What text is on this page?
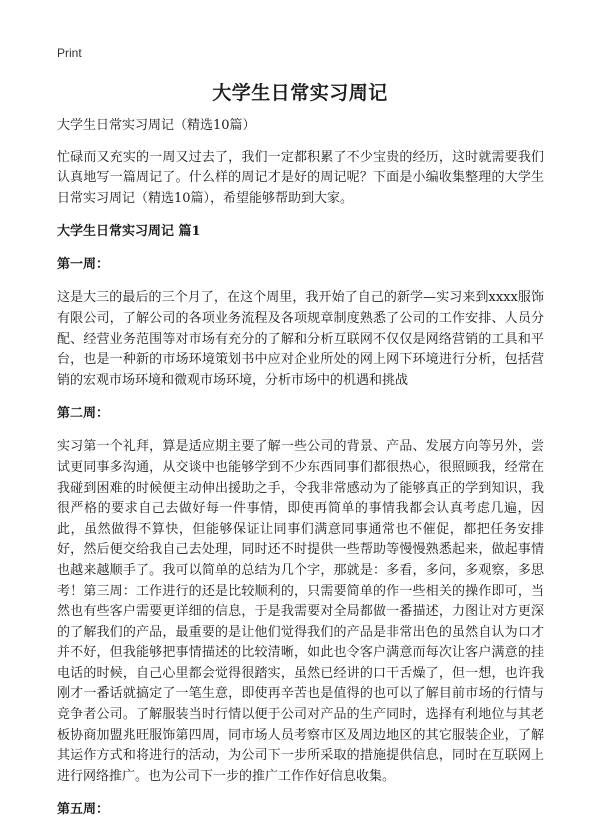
Print
大学生日常实习周记

大学生日常实习周记（精选10篇）

忙碌而又充实的一周又过去了，我们一定都积累了不少宝贵的经历，这时就需要我们认真地写一篇周记了。什么样的周记才是好的周记呢？下面是小编收集整理的大学生日常实习周记（精选10篇），希望能够帮助到大家。

大学生日常实习周记 篇1
第一周：

这是大三的最后的三个月了，在这个周里，我开始了自己的新学—实习来到xxxx服饰有限公司，了解公司的各项业务流程及各项规章制度熟悉了公司的工作安排、人员分配、经营业务范围等对市场有充分的了解和分析互联网不仅仅是网络营销的工具和平台，也是一种新的市场环境策划书中应对企业所处的网上网下环境进行分析，包括营销的宏观市场环境和微观市场环境，分析市场中的机遇和挑战

第二周：

实习第一个礼拜，算是适应期主要了解一些公司的背景、产品、发展方向等另外，尝试更同事多沟通，从交谈中也能够学到不少东西同事们都很热心，很照顾我，经常在我碰到困难的时候便主动伸出援助之手，令我非常感动为了能够真正的学到知识，我很严格的要求自己去做好每一件事情，即使再简单的事情我都会认真考虑几遍，因此，虽然做得不算快，但能够保证让同事们满意同事通常也不催促，都把任务安排好，然后便交给我自己去处理，同时还不时提供一些帮助等慢慢熟悉起来，做起事情也越来越顺手了。我可以简单的总结为几个字，那就是：多看，多问，多观察，多思考！第三周：工作进行的还是比较顺利的，只需要简单的作一些相关的操作即可，当然也有些客户需要更详细的信息，于是我需要对全局都做一番描述，力图让对方更深的了解我们的产品，最重要的是让他们觉得我们的产品是非常出色的虽然自认为口才并不好，但我能够把事情描述的比较清晰，如此也令客户满意而每次让客户满意的挂电话的时候，自己心里都会觉得很踏实，虽然已经讲的口干舌燥了，但一想，也许我刚才一番话就搞定了一笔生意，即使再辛苦也是值得的也可以了解目前市场的行情与竞争者公司。了解服装当时行情以便于公司对产品的生产同时，选择有利地位与其老板协商加盟兆旺服饰第四周，同市场人员考察市区及周边地区的其它服装企业，了解其运作方式和将进行的活动，为公司下一步所采取的措施提供信息，同时在互联网上进行网络推广。也为公司下一步的推广工作作好信息收集。

第五周：
